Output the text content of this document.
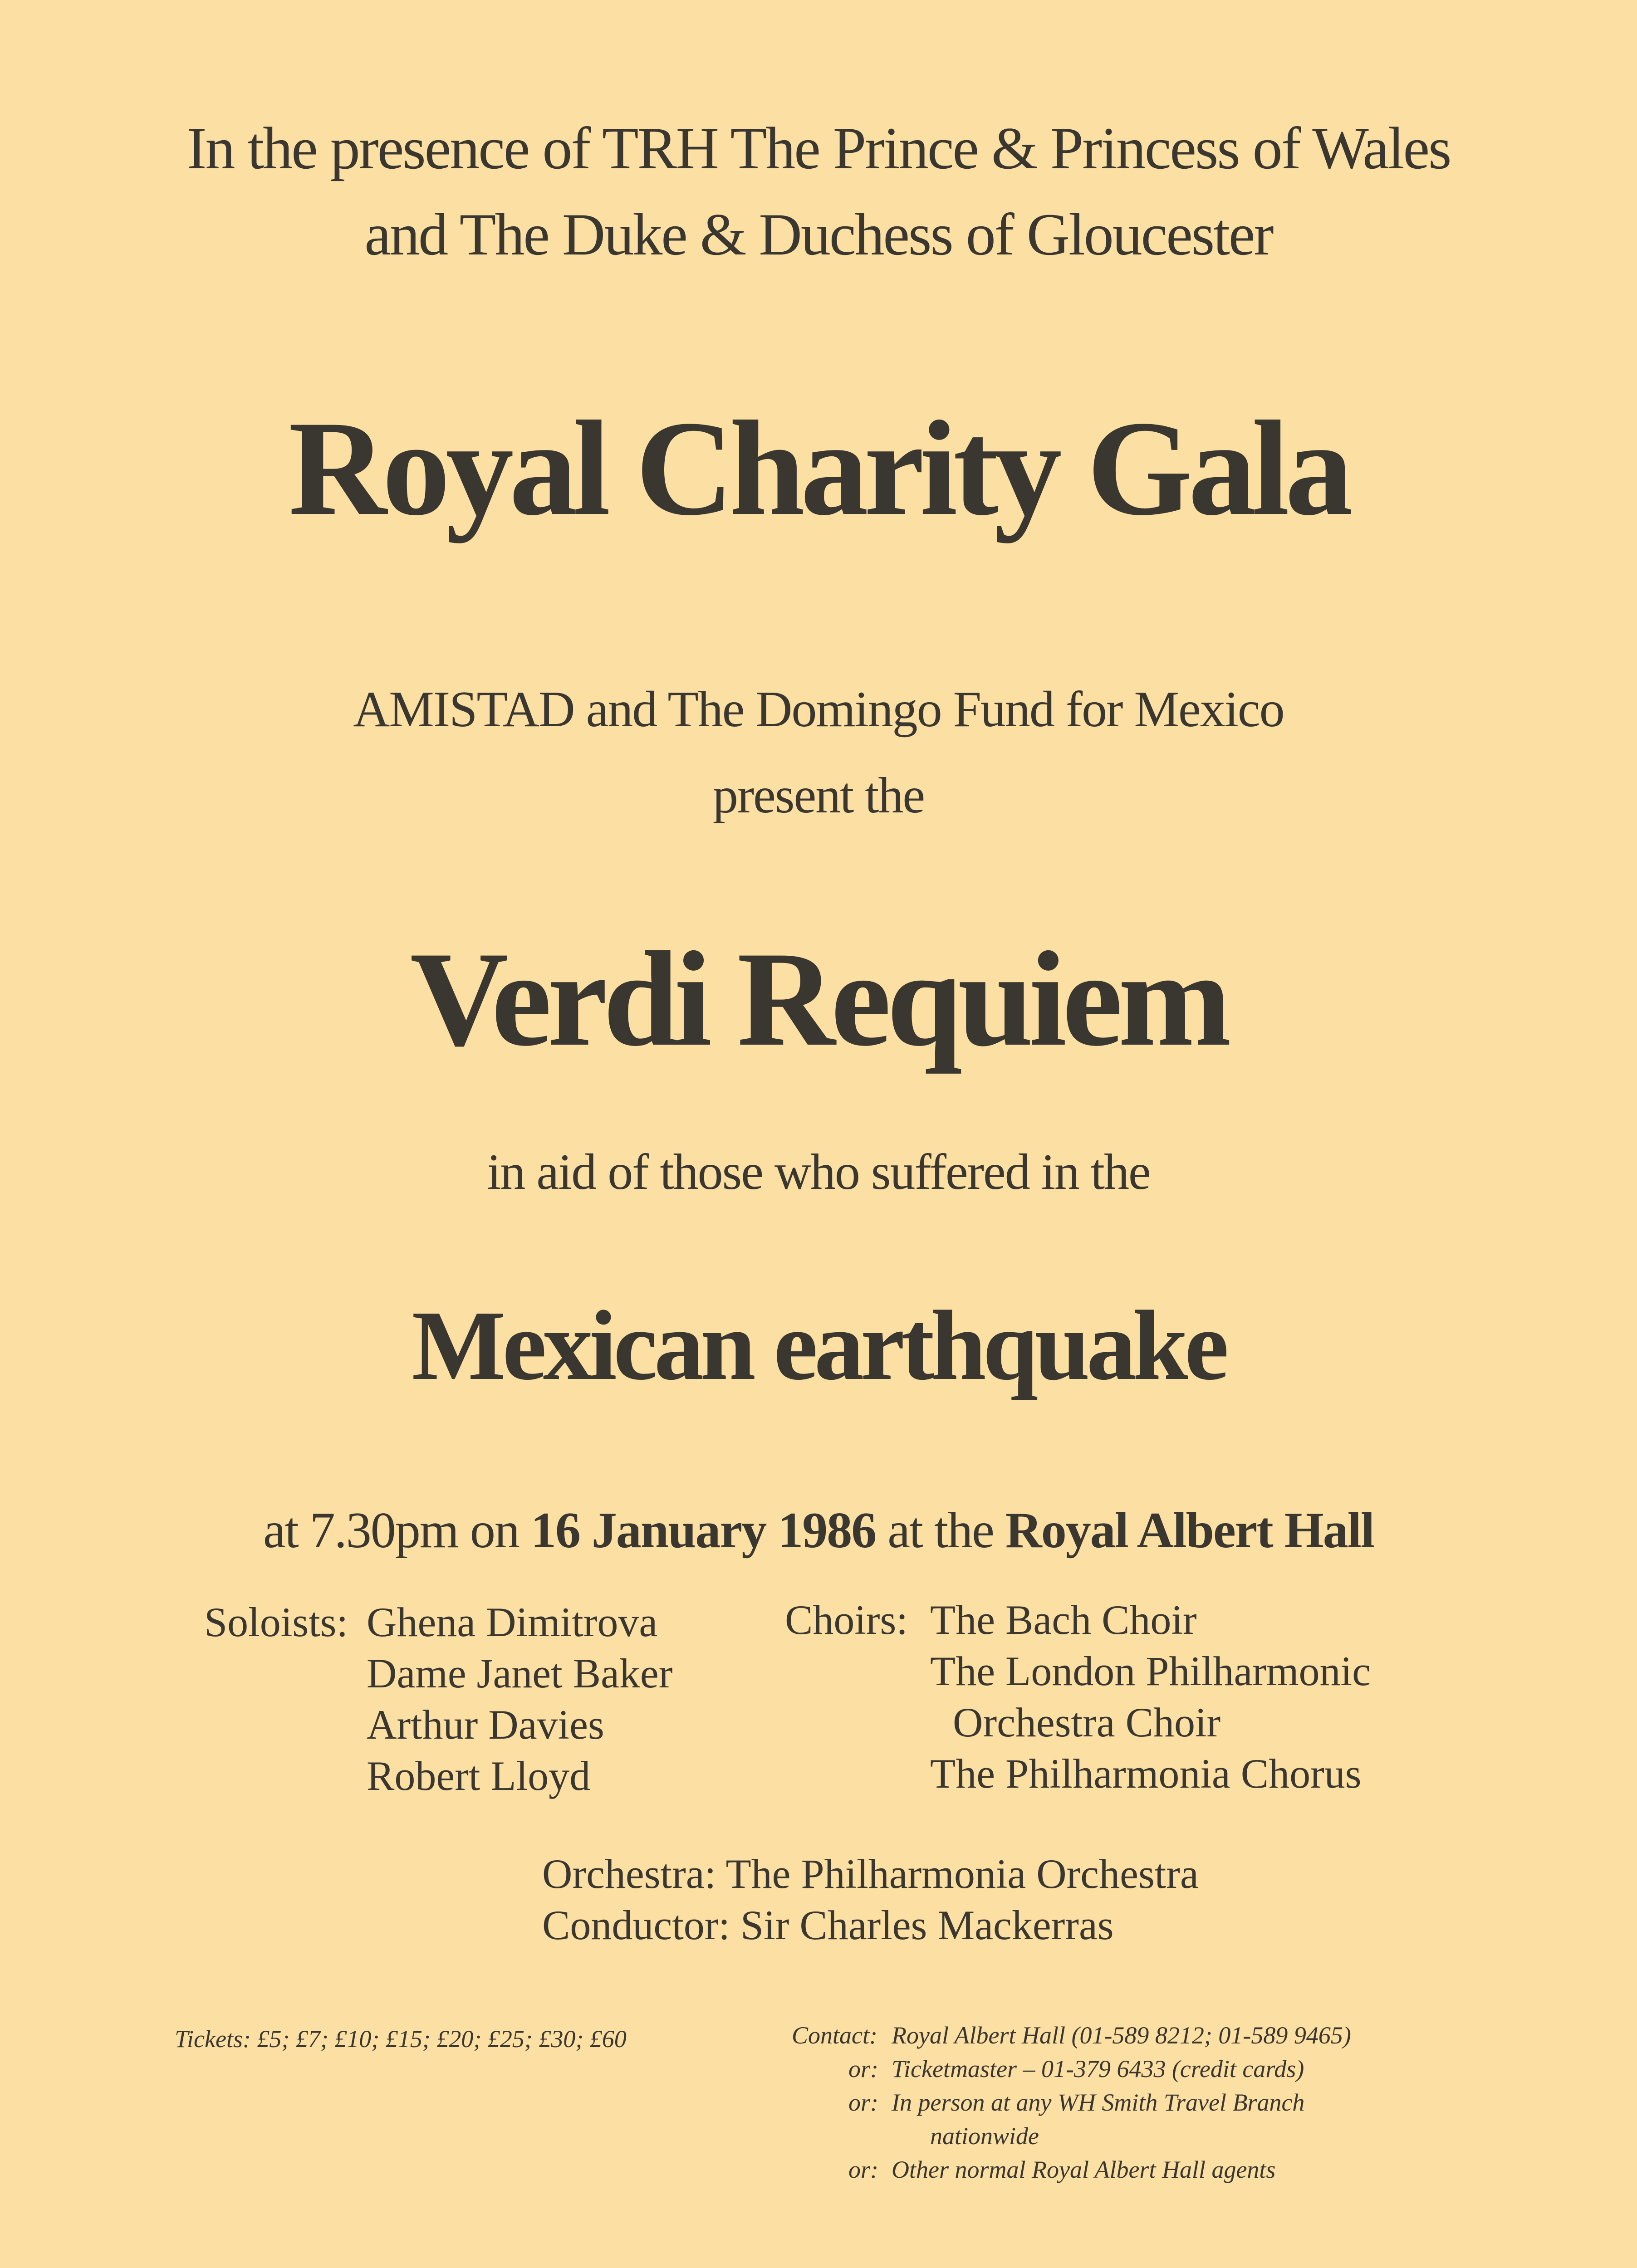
In the presence of TRH The Prince & Princess of Wales
and The Duke & Duchess of Gloucester
Royal Charity Gala
AMISTAD and The Domingo Fund for Mexico
present the
Verdi Requiem
in aid of those who suffered in the
Mexican earthquake
at 7.30pm on 16 January 1986 at the Royal Albert Hall
Soloists: Ghena Dimitrova
Dame Janet Baker
Arthur Davies
Robert Lloyd
Choirs: The Bach Choir
The London Philharmonic
Orchestra Choir
The Philharmonia Chorus
Orchestra: The Philharmonia Orchestra
Conductor: Sir Charles Mackerras
Tickets: £5; £7; £10; £15; £20; £25; £30; £60	Contact: Royal Albert Hall (01-589 8212; 01-589 9465)
or: Ticketmaster – 01-379 6433 (credit cards)
or: In person at any WH Smith Travel Branch
nationwide
or: Other normal Royal Albert Hall agents
